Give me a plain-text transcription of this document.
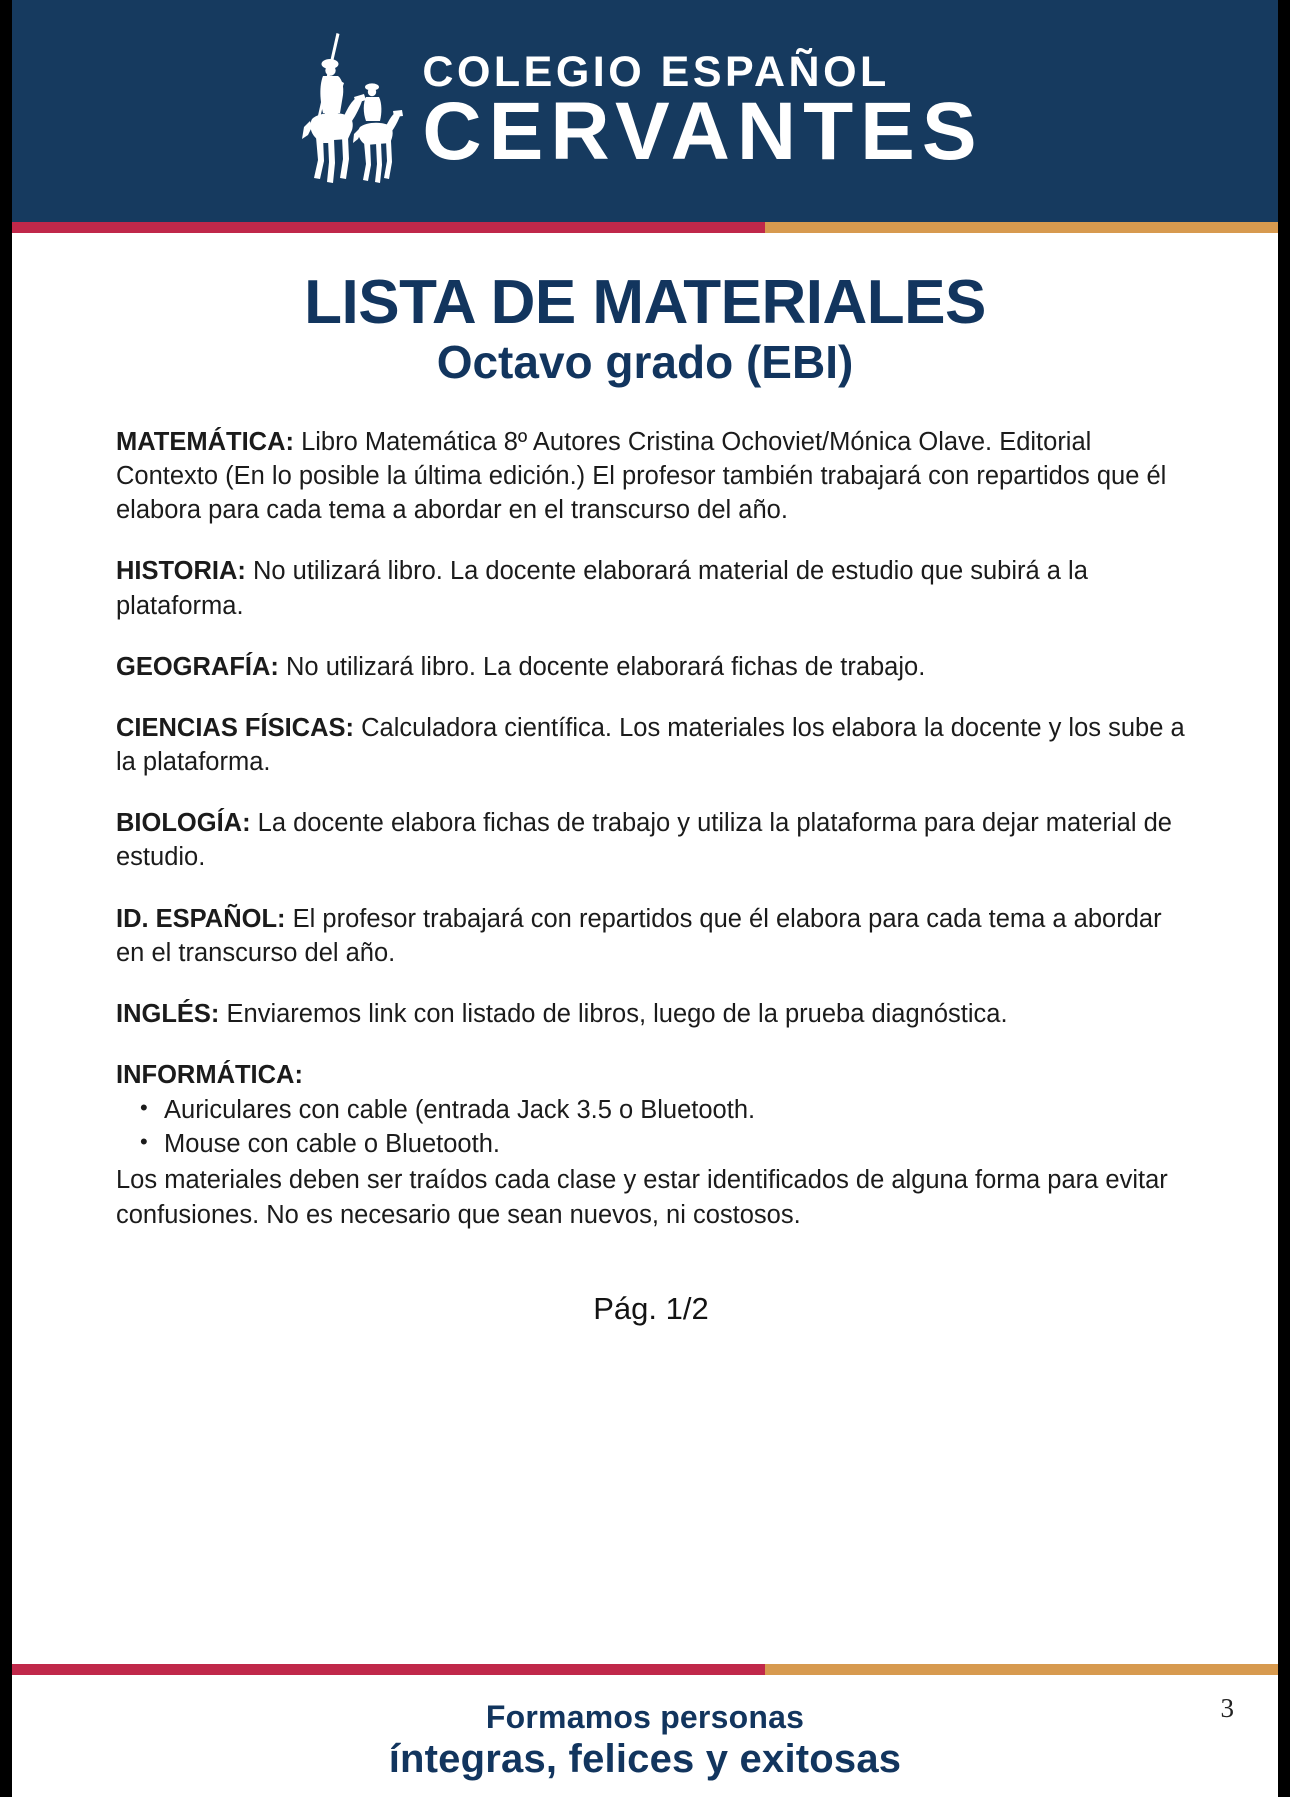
COLEGIO ESPAÑOL
CERVANTES
LISTA DE MATERIALES
Octavo grado (EBI)
MATEMÁTICA: Libro Matemática 8º Autores Cristina Ochoviet/Mónica Olave. Editorial Contexto (En lo posible la última edición.) El profesor también trabajará con repartidos que él elabora para cada tema a abordar en el transcurso del año.
HISTORIA: No utilizará libro. La docente elaborará material de estudio que subirá a la plataforma.
GEOGRAFÍA: No utilizará libro. La docente elaborará fichas de trabajo.
CIENCIAS FÍSICAS: Calculadora científica. Los materiales los elabora la docente y los sube a la plataforma.
BIOLOGÍA: La docente elabora fichas de trabajo y utiliza la plataforma para dejar material de estudio.
ID. ESPAÑOL: El profesor trabajará con repartidos que él elabora para cada tema a abordar en el transcurso del año.
INGLÉS: Enviaremos link con listado de libros, luego de la prueba diagnóstica.
INFORMÁTICA:
• Auriculares con cable (entrada Jack 3.5 o Bluetooth.
• Mouse con cable o Bluetooth.
Los materiales deben ser traídos cada clase y estar identificados de alguna forma para evitar confusiones. No es necesario que sean nuevos, ni costosos.
Pág. 1/2
3
Formamos personas
íntegras, felices y exitosas
